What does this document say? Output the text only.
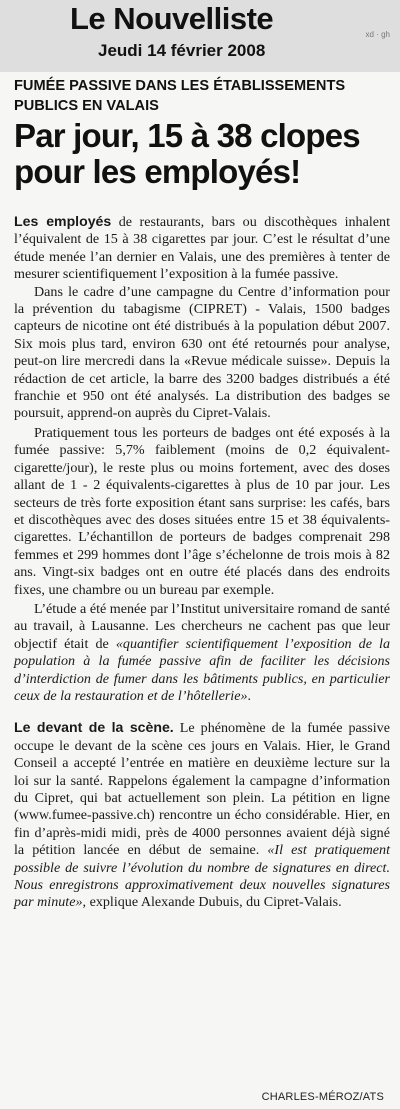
Le Nouvelliste
Jeudi 14 février 2008
xd · gh
FUMÉE PASSIVE DANS LES ÉTABLISSEMENTS PUBLICS EN VALAIS
Par jour, 15 à 38 clopes pour les employés!

Les employés de restaurants, bars ou discothèques inhalent l’équivalent de 15 à 38 cigarettes par jour. C’est le résultat d’une étude menée l’an dernier en Valais, une des premières à tenter de mesurer scientifiquement l’exposition à la fumée passive.

Dans le cadre d’une campagne du Centre d’information pour la prévention du tabagisme (CIPRET) - Valais, 1500 badges capteurs de nicotine ont été distribués à la population début 2007. Six mois plus tard, environ 630 ont été retournés pour analyse, peut-on lire mercredi dans la «Revue médicale suisse». Depuis la rédaction de cet article, la barre des 3200 badges distribués a été franchie et 950 ont été analysés. La distribution des badges se poursuit, apprend-on auprès du Cipret-Valais.

Pratiquement tous les porteurs de badges ont été exposés à la fumée passive: 5,7% faiblement (moins de 0,2 équivalent-cigarette/jour), le reste plus ou moins fortement, avec des doses allant de 1 - 2 équivalents-cigarettes à plus de 10 par jour. Les secteurs de très forte exposition étant sans surprise: les cafés, bars et discothèques avec des doses situées entre 15 et 38 équivalents-cigarettes. L’échantillon de porteurs de badges comprenait 298 femmes et 299 hommes dont l’âge s’échelonne de trois mois à 82 ans. Vingt-six badges ont en outre été placés dans des endroits fixes, une chambre ou un bureau par exemple.

L’étude a été menée par l’Institut universitaire romand de santé au travail, à Lausanne. Les chercheurs ne cachent pas que leur objectif était de «quantifier scientifiquement l’exposition de la population à la fumée passive afin de faciliter les décisions d’interdiction de fumer dans les bâtiments publics, en particulier ceux de la restauration et de l’hôtellerie».

Le devant de la scène. Le phénomène de la fumée passive occupe le devant de la scène ces jours en Valais. Hier, le Grand Conseil a accepté l’entrée en matière en deuxième lecture sur la loi sur la santé. Rappelons également la campagne d’information du Cipret, qui bat actuellement son plein. La pétition en ligne (www.fumee-passive.ch) rencontre un écho considérable. Hier, en fin d’après-midi midi, près de 4000 personnes avaient déjà signé la pétition lancée en début de semaine. «Il est pratiquement possible de suivre l’évolution du nombre de signatures en direct. Nous enregistrons approximativement deux nouvelles signatures par minute», explique Alexande Dubuis, du Cipret-Valais.

CHARLES-MÉROZ/ATS
